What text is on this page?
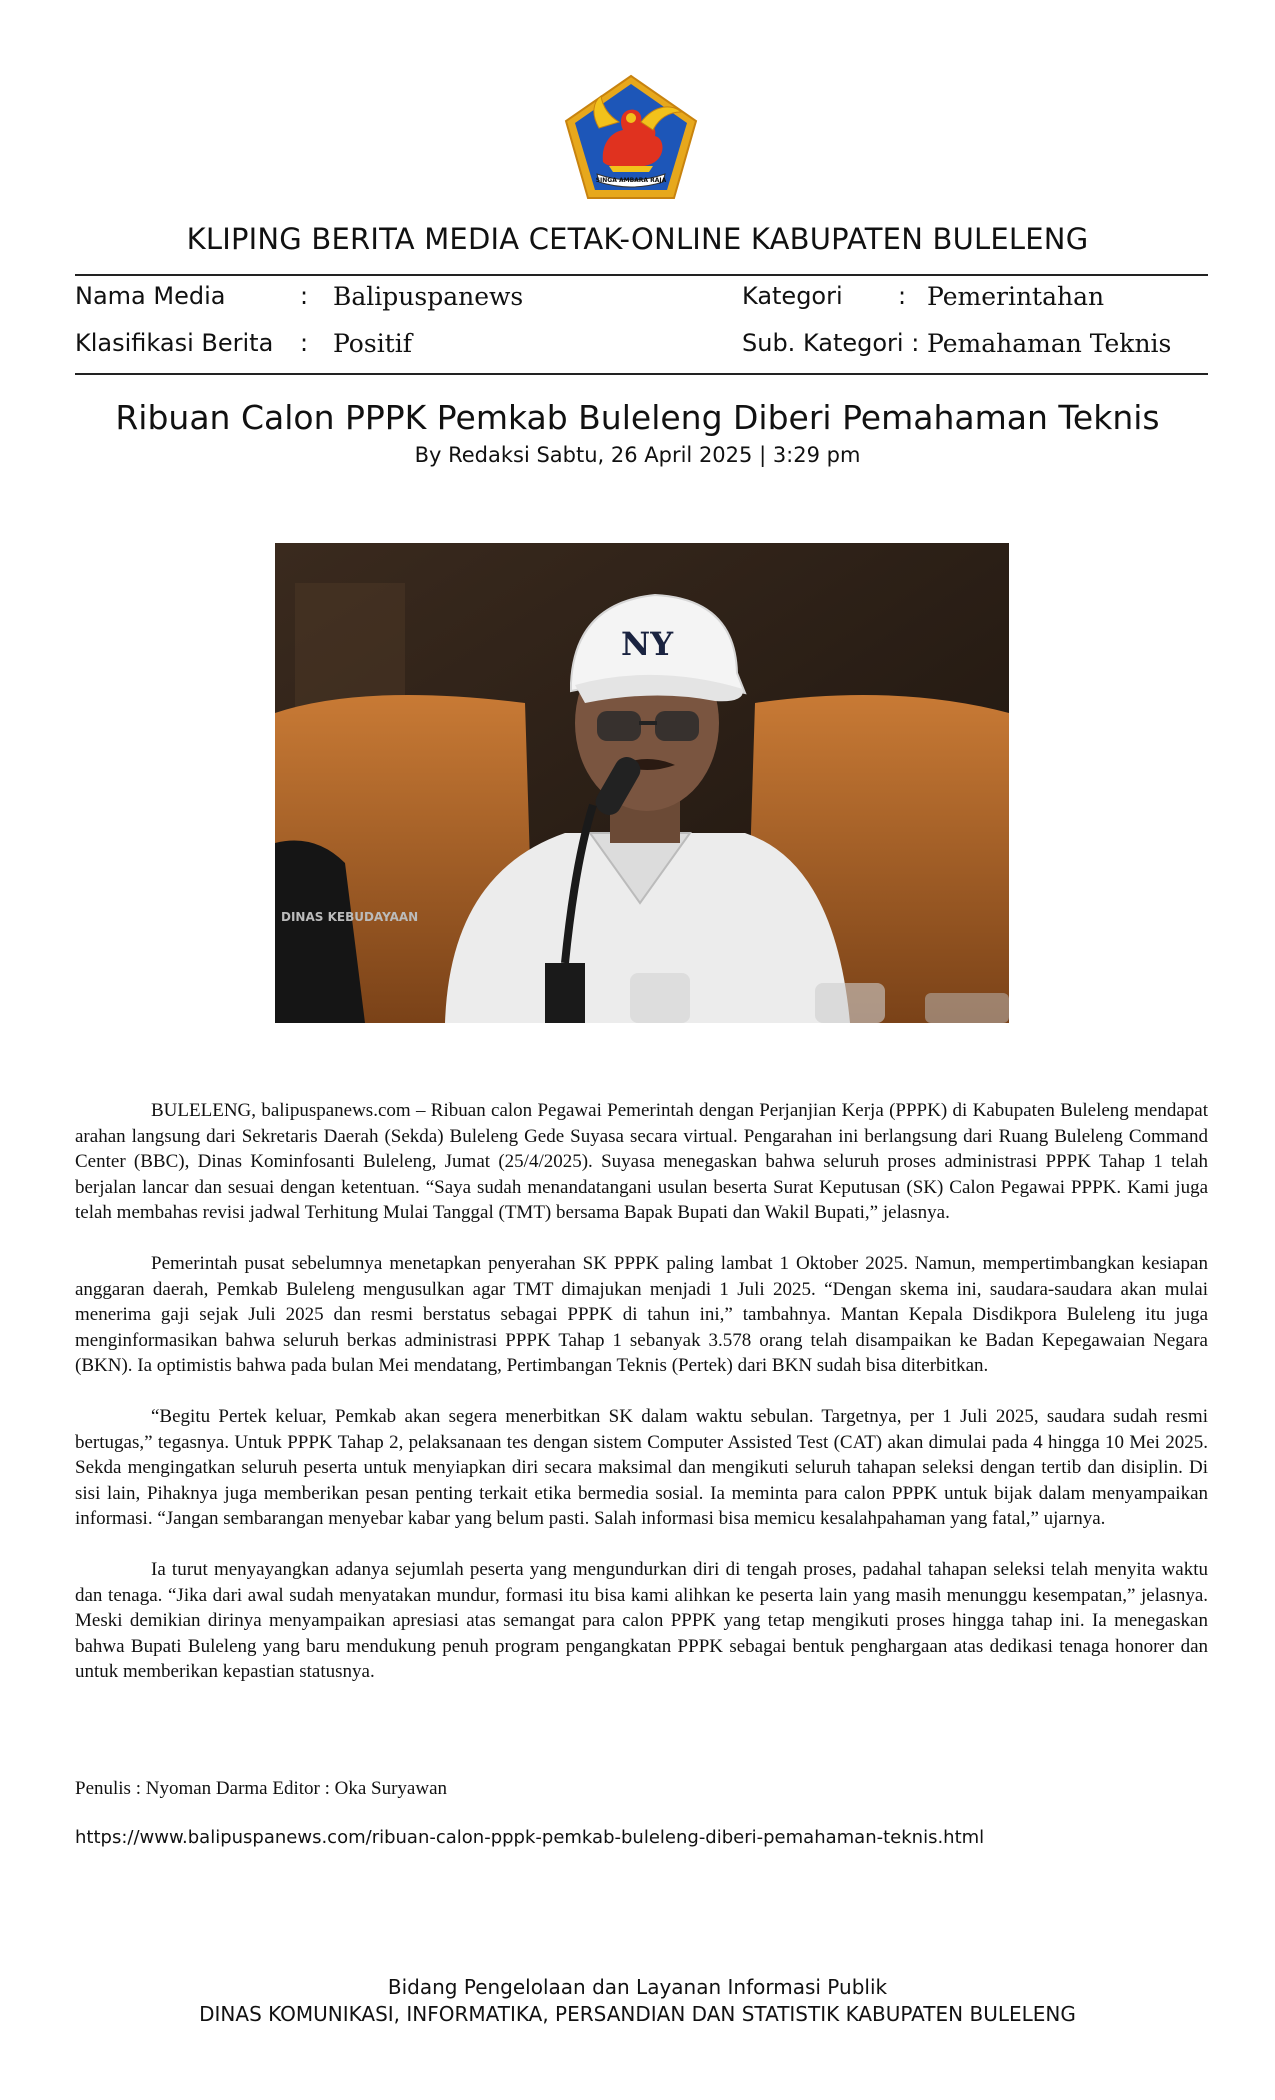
SINGA AMBARA RAJA
KLIPING BERITA MEDIA CETAK-ONLINE KABUPATEN BULELENG
Nama Media	: Balipuspanews	Kategori : Pemerintahan
Klasifikasi Berita : Positif	Sub. Kategori : Pemahaman Teknis
Ribuan Calon PPPK Pemkab Buleleng Diberi Pemahaman Teknis
By Redaksi Sabtu, 26 April 2025 | 3:29 pm
DINAS KEBUDAYAAN
NY

BULELENG, balipuspanews.com – Ribuan calon Pegawai Pemerintah dengan Perjanjian Kerja (PPPK) di Kabupaten Buleleng mendapat arahan langsung dari Sekretaris Daerah (Sekda) Buleleng Gede Suyasa secara virtual. Pengarahan ini berlangsung dari Ruang Buleleng Command Center (BBC), Dinas Kominfosanti Buleleng, Jumat (25/4/2025). Suyasa menegaskan bahwa seluruh proses administrasi PPPK Tahap 1 telah berjalan lancar dan sesuai dengan ketentuan. “Saya sudah menandatangani usulan beserta Surat Keputusan (SK) Calon Pegawai PPPK. Kami juga telah membahas revisi jadwal Terhitung Mulai Tanggal (TMT) bersama Bapak Bupati dan Wakil Bupati,” jelasnya.

Pemerintah pusat sebelumnya menetapkan penyerahan SK PPPK paling lambat 1 Oktober 2025. Namun, mempertimbangkan kesiapan anggaran daerah, Pemkab Buleleng mengusulkan agar TMT dimajukan menjadi 1 Juli 2025. “Dengan skema ini, saudara-saudara akan mulai menerima gaji sejak Juli 2025 dan resmi berstatus sebagai PPPK di tahun ini,” tambahnya. Mantan Kepala Disdikpora Buleleng itu juga menginformasikan bahwa seluruh berkas administrasi PPPK Tahap 1 sebanyak 3.578 orang telah disampaikan ke Badan Kepegawaian Negara (BKN). Ia optimistis bahwa pada bulan Mei mendatang, Pertimbangan Teknis (Pertek) dari BKN sudah bisa diterbitkan.

“Begitu Pertek keluar, Pemkab akan segera menerbitkan SK dalam waktu sebulan. Targetnya, per 1 Juli 2025, saudara sudah resmi bertugas,” tegasnya. Untuk PPPK Tahap 2, pelaksanaan tes dengan sistem Computer Assisted Test (CAT) akan dimulai pada 4 hingga 10 Mei 2025. Sekda mengingatkan seluruh peserta untuk menyiapkan diri secara maksimal dan mengikuti seluruh tahapan seleksi dengan tertib dan disiplin. Di sisi lain, Pihaknya juga memberikan pesan penting terkait etika bermedia sosial. Ia meminta para calon PPPK untuk bijak dalam menyampaikan informasi. “Jangan sembarangan menyebar kabar yang belum pasti. Salah informasi bisa memicu kesalahpahaman yang fatal,” ujarnya.

Ia turut menyayangkan adanya sejumlah peserta yang mengundurkan diri di tengah proses, padahal tahapan seleksi telah menyita waktu dan tenaga. “Jika dari awal sudah menyatakan mundur, formasi itu bisa kami alihkan ke peserta lain yang masih menunggu kesempatan,” jelasnya. Meski demikian dirinya menyampaikan apresiasi atas semangat para calon PPPK yang tetap mengikuti proses hingga tahap ini. Ia menegaskan bahwa Bupati Buleleng yang baru mendukung penuh program pengangkatan PPPK sebagai bentuk penghargaan atas dedikasi tenaga honorer dan untuk memberikan kepastian statusnya.

Penulis : Nyoman Darma Editor : Oka Suryawan
https://www.balipuspanews.com/ribuan-calon-pppk-pemkab-buleleng-diberi-pemahaman-teknis.html
Bidang Pengelolaan dan Layanan Informasi Publik
DINAS KOMUNIKASI, INFORMATIKA, PERSANDIAN DAN STATISTIK KABUPATEN BULELENG
